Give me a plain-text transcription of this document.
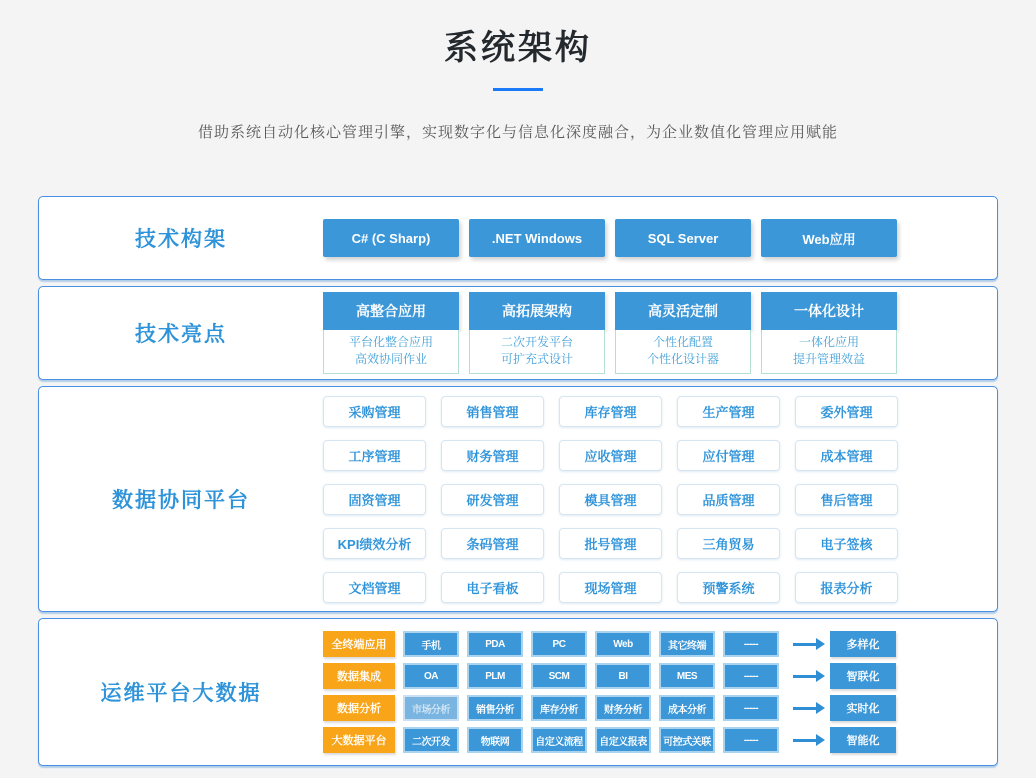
系统架构
借助系统自动化核心管理引擎，实现数字化与信息化深度融合，为企业数值化管理应用赋能
技术构架	C# (C Sharp)	.NET Windows	SQL Server	Web应用
技术亮点
高整合应用
平台化整合应用
高效协同作业
高拓展架构
二次开发平台
可扩充式设计
高灵活定制
个性化配置
个性化设计器
一体化设计
一体化应用
提升管理效益
数据协同平台
采购管理	销售管理	库存管理	生产管理	委外管理
工序管理	财务管理	应收管理	应付管理	成本管理
固资管理	研发管理	模具管理	品质管理	售后管理
KPI绩效分析	条码管理	批号管理	三角贸易	电子签核
文档管理	电子看板	现场管理	预警系统	报表分析
运维平台大数据
全终端应用	手机	PDA	PC	Web	其它终端	-----	多样化
数据集成	OA	PLM	SCM	BI	MES	-----	智联化
数据分析	市场分析	销售分析	库存分析	财务分析	成本分析	-----	实时化
大数据平台	二次开发	物联网	自定义流程	自定义报表	可控式关联	-----	智能化
